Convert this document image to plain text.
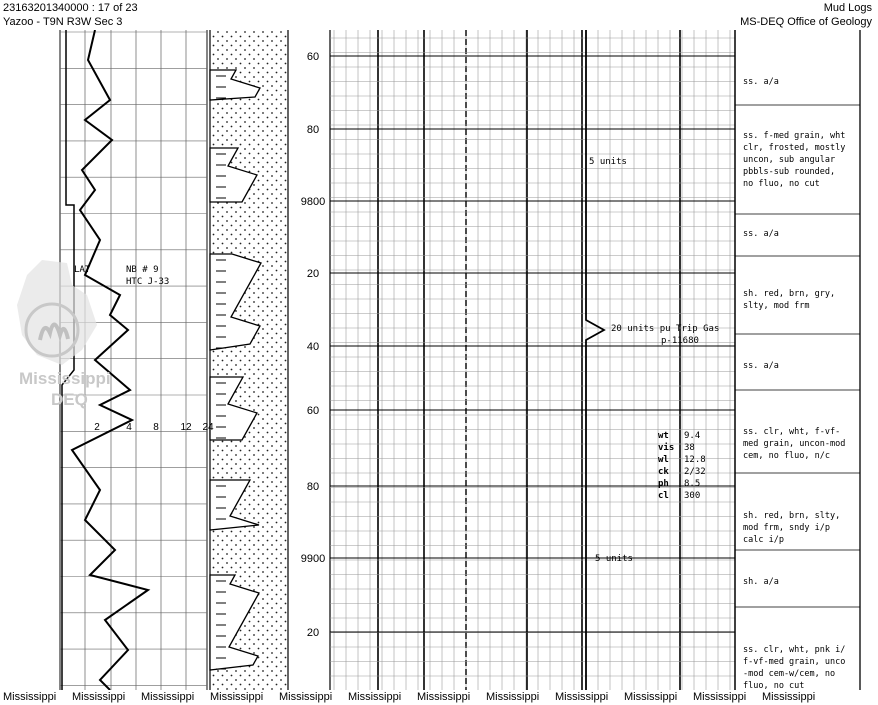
23163201340000 : 17 of 23
Yazoo - T9N R3W Sec 3
Mud Logs
MS-DEQ Office of Geology
60
80
9800
20
40
60
80
9900
20
5 units
20 units pu Trip Gas
p-11680
5 units
LAT	NB # 9
HTC J-33
2	4 8 12 24
wt 9.4
vis 38
wl 12.8
ck 2/32
ph 8.5
cl 300
ss. a/a
ss. f-med grain, wht
clr, frosted, mostly
uncon, sub angular
pbbls-sub rounded,
no fluo, no cut
ss. a/a
sh. red, brn, gry,
slty, mod frm
ss. a/a
ss. clr, wht, f-vf-
med grain, uncon-mod
cem, no fluo, n/c
sh. red, brn, slty,
mod frm, sndy i/p
calc i/p
sh. a/a
ss. clr, wht, pnk i/
f-vf-med grain, unco
-mod cem-w/cem, no
fluo, no cut
Mississippi
DEQ
Mississippi Mississippi Mississippi Mississippi Mississippi Mississippi Mississippi Mississippi Mississippi Mississippi Mississippi Mississippi
